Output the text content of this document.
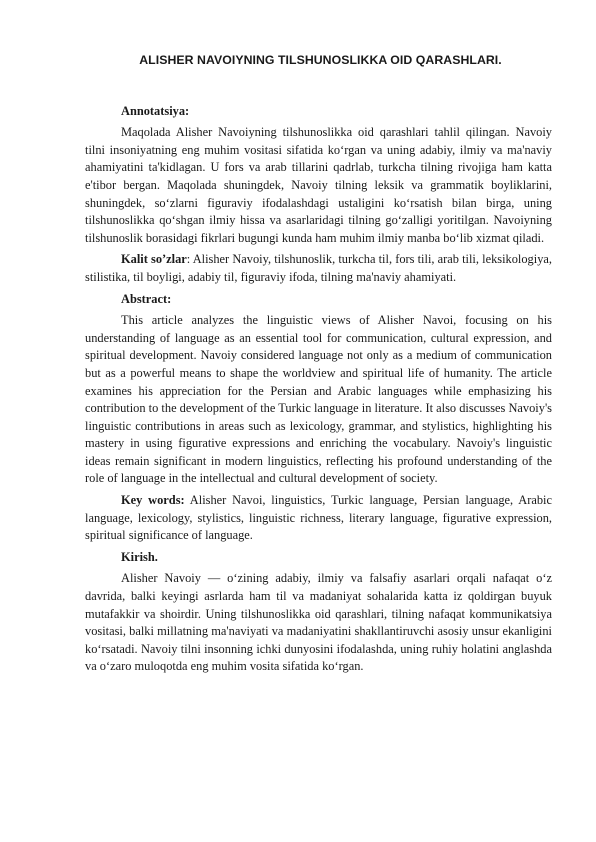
ALISHER NAVOIYNING TILSHUNOSLIKKA OID QARASHLARI.
Annotatsiya:
Maqolada Alisher Navoiyning tilshunoslikka oid qarashlari tahlil qilingan. Navoiy tilni insoniyatning eng muhim vositasi sifatida ko‘rgan va uning adabiy, ilmiy va ma'naviy ahamiyatini ta'kidlagan. U fors va arab tillarini qadrlab, turkcha tilning rivojiga ham katta e'tibor bergan. Maqolada shuningdek, Navoiy tilning leksik va grammatik boyliklarini, shuningdek, so‘zlarni figuraviy ifodalashdagi ustaligini ko‘rsatish bilan birga, uning tilshunoslikka qo‘shgan ilmiy hissa va asarlaridagi tilning go‘zalligi yoritilgan. Navoiyning tilshunoslik borasidagi fikrlari bugungi kunda ham muhim ilmiy manba bo‘lib xizmat qiladi.
Kalit so’zlar: Alisher Navoiy, tilshunoslik, turkcha til, fors tili, arab tili, leksikologiya, stilistika, til boyligi, adabiy til, figuraviy ifoda, tilning ma'naviy ahamiyati.
Abstract:
This article analyzes the linguistic views of Alisher Navoi, focusing on his understanding of language as an essential tool for communication, cultural expression, and spiritual development. Navoiy considered language not only as a medium of communication but as a powerful means to shape the worldview and spiritual life of humanity. The article examines his appreciation for the Persian and Arabic languages while emphasizing his contribution to the development of the Turkic language in literature. It also discusses Navoiy's linguistic contributions in areas such as lexicology, grammar, and stylistics, highlighting his mastery in using figurative expressions and enriching the vocabulary. Navoiy's linguistic ideas remain significant in modern linguistics, reflecting his profound understanding of the role of language in the intellectual and cultural development of society.
Key words: Alisher Navoi, linguistics, Turkic language, Persian language, Arabic language, lexicology, stylistics, linguistic richness, literary language, figurative expression, spiritual significance of language.
Kirish.
Alisher Navoiy — o‘zining adabiy, ilmiy va falsafiy asarlari orqali nafaqat o‘z davrida, balki keyingi asrlarda ham til va madaniyat sohalarida katta iz qoldirgan buyuk mutafakkir va shoirdir. Uning tilshunoslikka oid qarashlari, tilning nafaqat kommunikatsiya vositasi, balki millatning ma'naviyati va madaniyatini shakllantiruvchi asosiy unsur ekanligini ko‘rsatadi. Navoiy tilni insonning ichki dunyosini ifodalashda, uning ruhiy holatini anglashda va o‘zaro muloqotda eng muhim vosita sifatida ko‘rgan.
